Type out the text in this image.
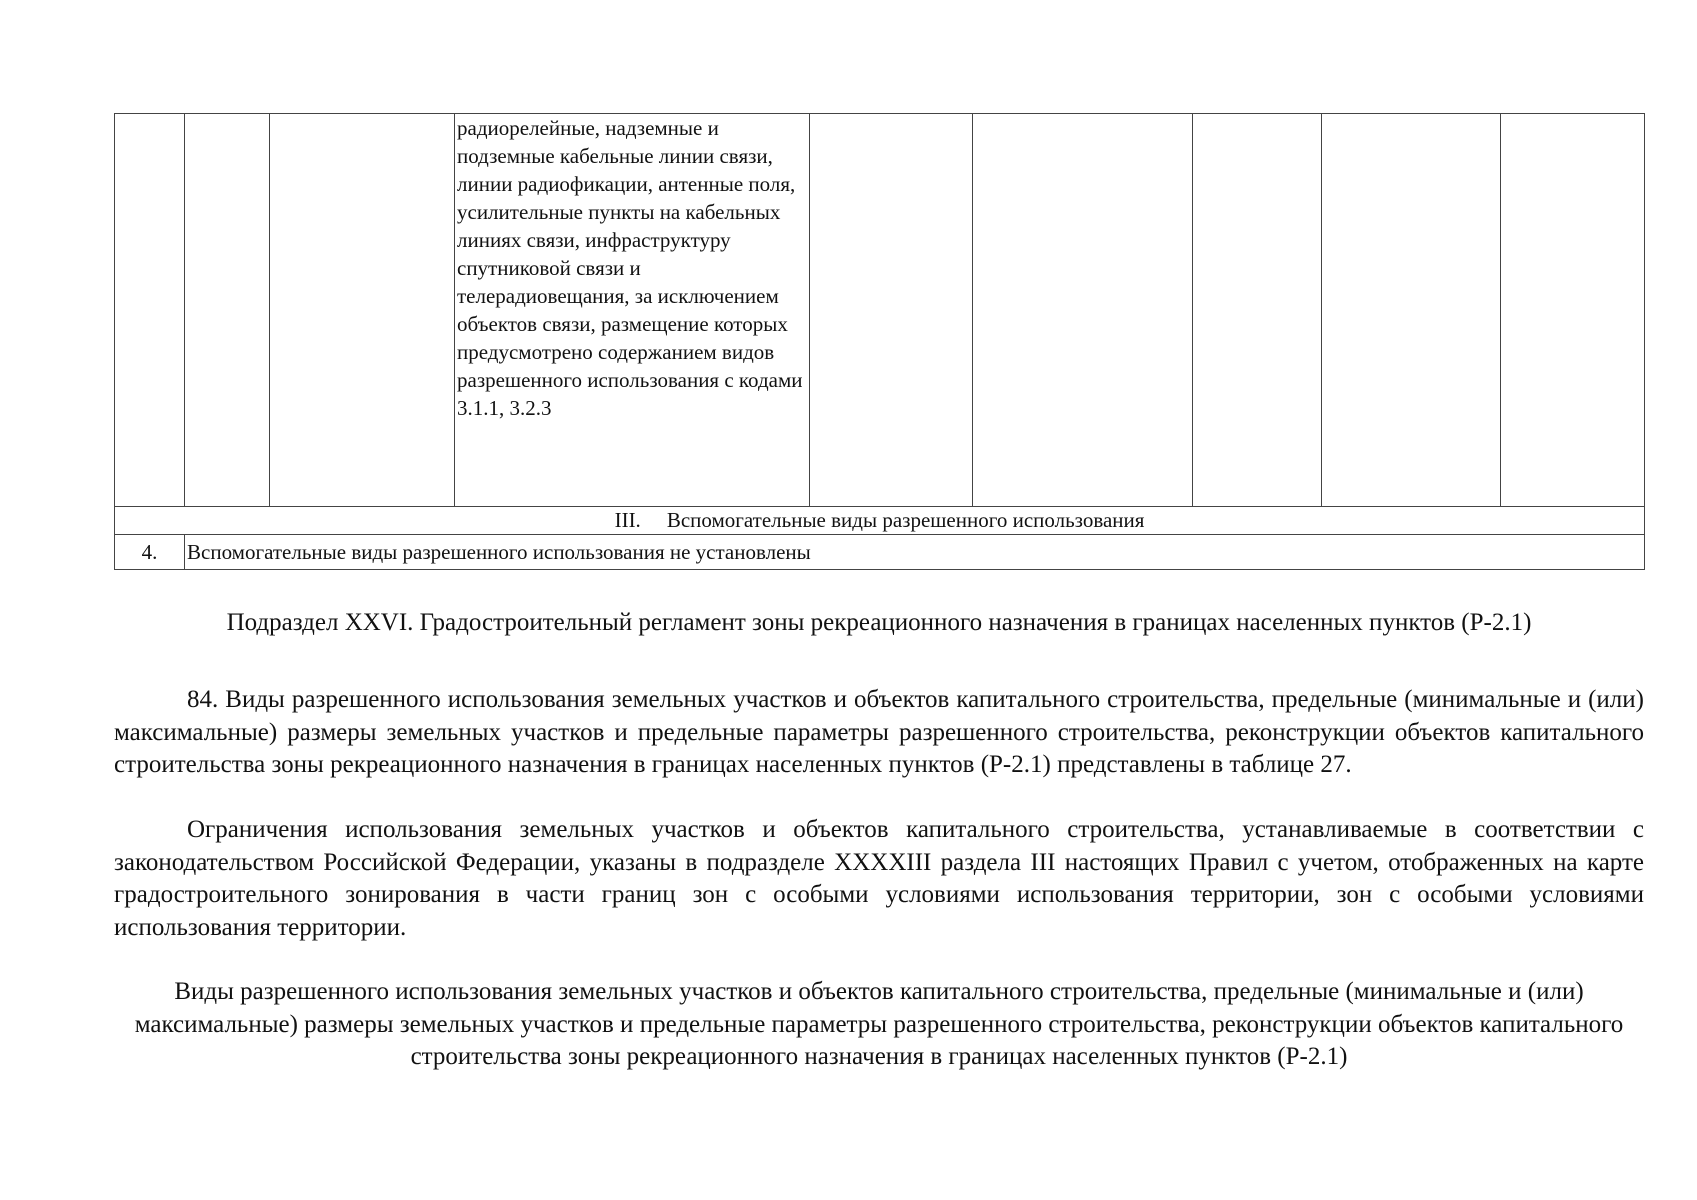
			радиорелейные, надземные и подземные кабельные линии связи, линии радиофикации, антенные поля, усилительные пункты на кабельных линиях связи, инфраструктуру спутниковой связи и телерадиовещания, за исключением объектов связи, размещение которых предусмотрено содержанием видов разрешенного использования с кодами 3.1.1, 3.2.3					
III. Вспомогательные виды разрешенного использования								
4.	Вспомогательные виды разрешенного использования не установлены							
Подраздел XXVI. Градостроительный регламент зоны рекреационного назначения в границах населенных пунктов (Р-2.1)

84. Виды разрешенного использования земельных участков и объектов капитального строительства, предельные (минимальные и (или) максимальные) размеры земельных участков и предельные параметры разрешенного строительства, реконструкции объектов капитального строительства зоны рекреационного назначения в границах населенных пунктов (Р-2.1) представлены в таблице 27.

Ограничения использования земельных участков и объектов капитального строительства, устанавливаемые в соответствии с законодательством Российской Федерации, указаны в подразделе XXXXIII раздела III настоящих Правил с учетом, отображенных на карте градостроительного зонирования в части границ зон с особыми условиями использования территории, зон с особыми условиями использования территории.

Виды разрешенного использования земельных участков и объектов капитального строительства, предельные (минимальные и (или) максимальные) размеры земельных участков и предельные параметры разрешенного строительства, реконструкции объектов капитального строительства зоны рекреационного назначения в границах населенных пунктов (Р-2.1)
